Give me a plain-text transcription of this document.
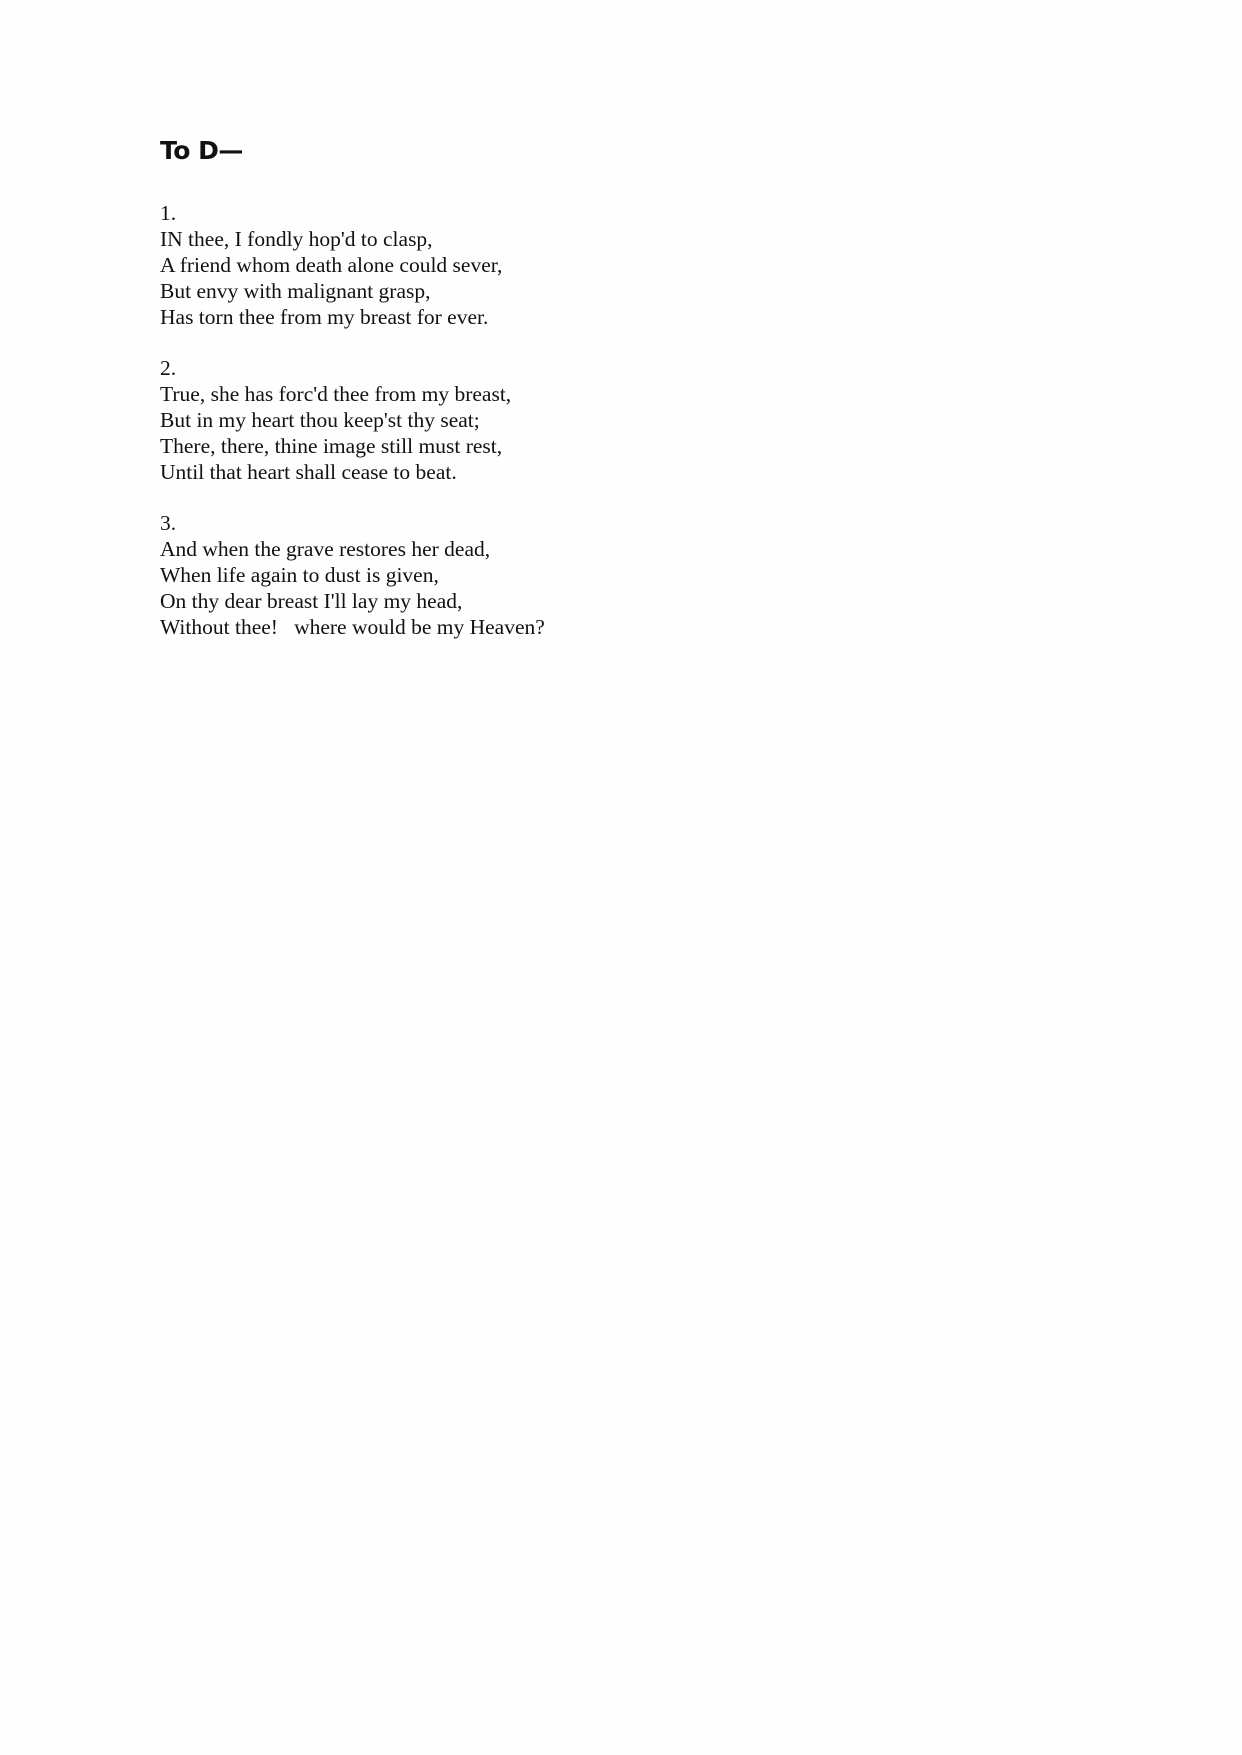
To D—
1.
IN thee, I fondly hop'd to clasp,
A friend whom death alone could sever,
But envy with malignant grasp,
Has torn thee from my breast for ever.
2.
True, she has forc'd thee from my breast,
But in my heart thou keep'st thy seat;
There, there, thine image still must rest,
Until that heart shall cease to beat.
3.
And when the grave restores her dead,
When life again to dust is given,
On thy dear breast I'll lay my head,
Without thee!   where would be my Heaven?
